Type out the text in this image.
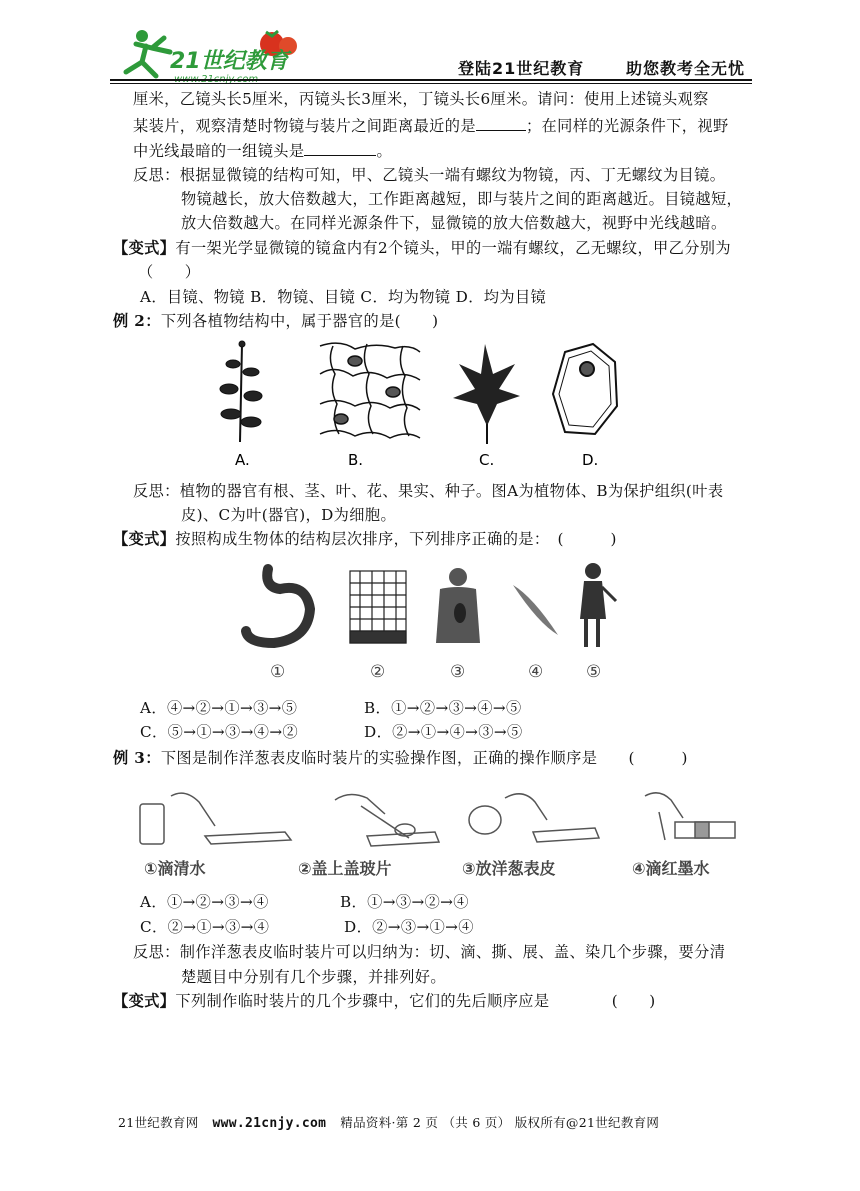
21世纪教育	登陆21世纪教育	助您教考全无忧
厘米，乙镜头长5厘米，丙镜头长3厘米，丁镜头长6厘米。请问：使用上述镜头观察
某装片，观察清楚时物镜与装片之间距离最近的是	；在同样的光源条件下，视野
中光线最暗的一组镜头是	。
反思：根据显微镜的结构可知，甲、乙镜头一端有螺纹为物镜，丙、丁无螺纹为目镜。
物镜越长，放大倍数越大，工作距离越短，即与装片之间的距离越近。目镜越短，
放大倍数越大。在同样光源条件下，显微镜的放大倍数越大，视野中光线越暗。
【变式】有一架光学显微镜的镜盒内有2个镜头，甲的一端有螺纹，乙无螺纹，甲乙分别为
（　　）
A．目镜、物镜 B．物镜、目镜 C．均为物镜 D．均为目镜
例 2：下列各植物结构中，属于器官的是(　　)
A.	B.	C.	D.
反思：植物的器官有根、茎、叶、花、果实、种子。图A为植物体、B为保护组织(叶表
皮)、C为叶(器官)，D为细胞。
【变式】按照构成生物体的结构层次排序，下列排序正确的是：　(　　　)
①	②	③	④	⑤
A．④→②→①→③→⑤	B．①→②→③→④→⑤
C．⑤→①→③→④→②	D．②→①→④→③→⑤
例 3：下图是制作洋葱表皮临时装片的实验操作图，正确的操作顺序是　　(　　　)
①滴清水	②盖上盖玻片	③放洋葱表皮	④滴红墨水
A．①→②→③→④	B．①→③→②→④
C．②→①→③→④	D．②→③→①→④
反思：制作洋葱表皮临时装片可以归纳为：切、滴、撕、展、盖、染几个步骤，要分清
楚题目中分别有几个步骤，并排列好。
【变式】下列制作临时装片的几个步骤中，它们的先后顺序应是　　　　(　　)
21世纪教育网 www.21cnjy.com 精品资料·第 2 页 （共 6 页） 版权所有@21世纪教育网
